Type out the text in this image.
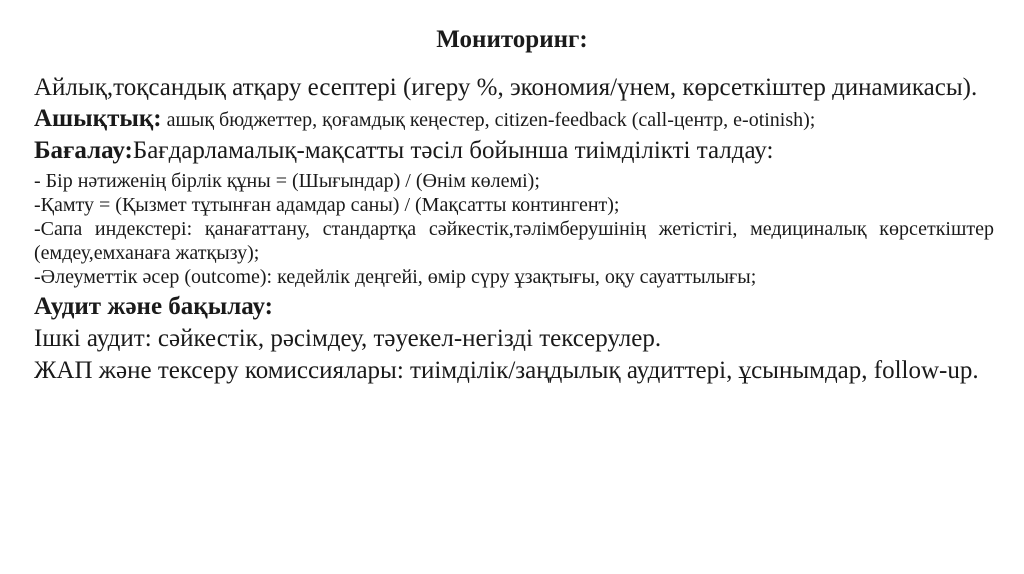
Мониторинг:

Айлық,тоқсандық атқару есептері (игеру %, экономия/үнем, көрсеткіштер динамикасы).

Ашықтық: ашық бюджеттер, қоғамдық кеңестер, citizen-feedback (call-центр, e-otinish);

Бағалау:Бағдарламалық-мақсатты тәсіл бойынша тиімділікті талдау:

- Бір нәтиженің бірлік құны = (Шығындар) / (Өнім көлемі);

-Қамту = (Қызмет тұтынған адамдар саны) / (Мақсатты контингент);

-Сапа индекстері: қанағаттану, стандартқа сәйкестік,тәлімберушінің жетістігі, медициналық көрсеткіштер (емдеу,емханаға жатқызу);

-Әлеуметтік әсер (outcome): кедейлік деңгейі, өмір сүру ұзақтығы, оқу сауаттылығы;

Аудит және бақылау:

Ішкі аудит: сәйкестік, рәсімдеу, тәуекел-негізді тексерулер.

ЖАП және тексеру комиссиялары: тиімділік/заңдылық аудиттері, ұсынымдар, follow-up.
